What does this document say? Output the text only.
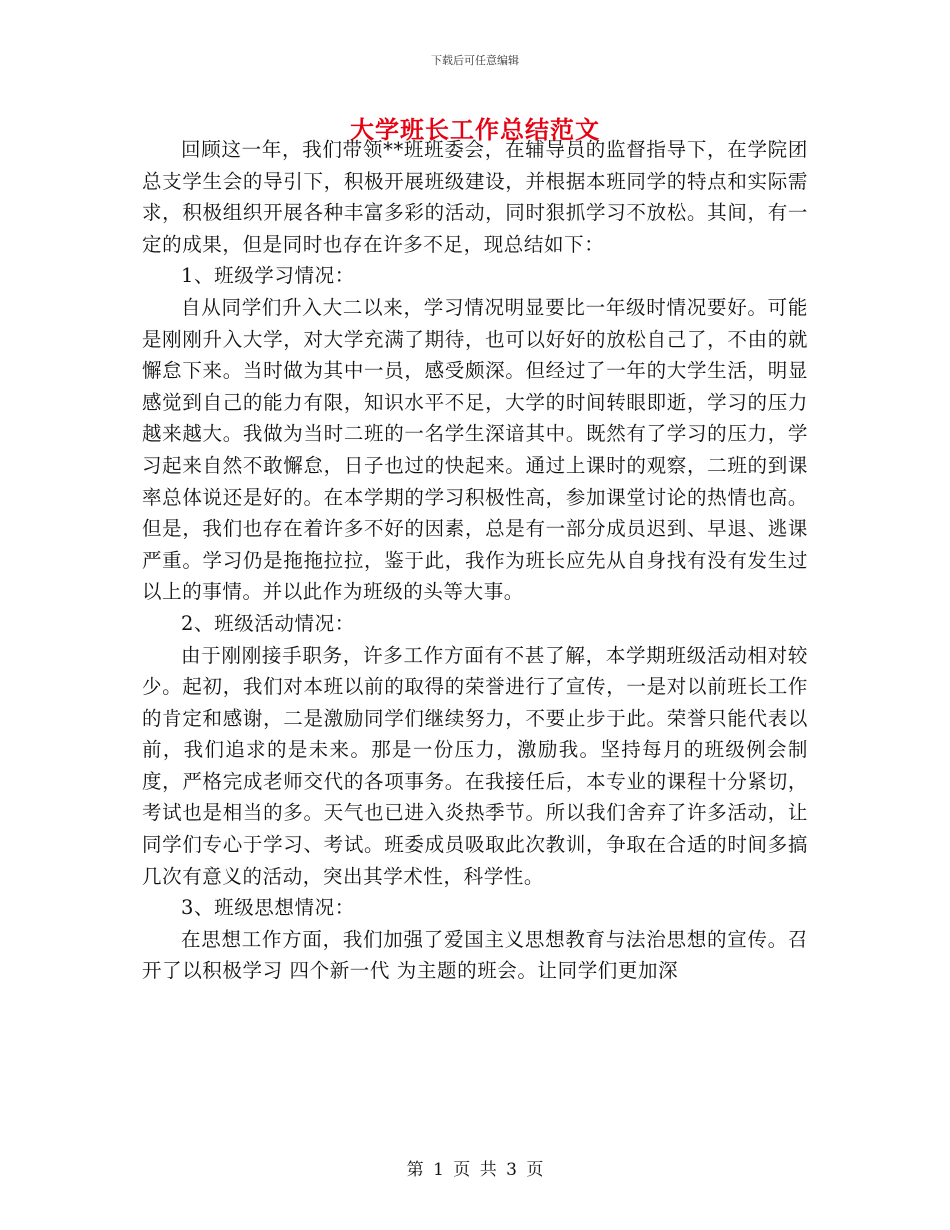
下载后可任意编辑
大学班长工作总结范文

回顾这一年，我们带领**班班委会，在辅导员的监督指导下，在学院团总支学生会的导引下，积极开展班级建设，并根据本班同学的特点和实际需求，积极组织开展各种丰富多彩的活动，同时狠抓学习不放松。其间，有一定的成果，但是同时也存在许多不足，现总结如下：

1、班级学习情况：

自从同学们升入大二以来，学习情况明显要比一年级时情况要好。可能是刚刚升入大学，对大学充满了期待，也可以好好的放松自己了，不由的就懈怠下来。当时做为其中一员，感受颇深。但经过了一年的大学生活，明显感觉到自己的能力有限，知识水平不足，大学的时间转眼即逝，学习的压力越来越大。我做为当时二班的一名学生深谙其中。既然有了学习的压力，学习起来自然不敢懈怠，日子也过的快起来。通过上课时的观察，二班的到课率总体说还是好的。在本学期的学习积极性高，参加课堂讨论的热情也高。但是，我们也存在着许多不好的因素，总是有一部分成员迟到、早退、逃课严重。学习仍是拖拖拉拉，鉴于此，我作为班长应先从自身找有没有发生过以上的事情。并以此作为班级的头等大事。

2、班级活动情况：

由于刚刚接手职务，许多工作方面有不甚了解，本学期班级活动相对较少。起初，我们对本班以前的取得的荣誉进行了宣传，一是对以前班长工作的肯定和感谢，二是激励同学们继续努力，不要止步于此。荣誉只能代表以前，我们追求的是未来。那是一份压力，激励我。坚持每月的班级例会制度，严格完成老师交代的各项事务。在我接任后，本专业的课程十分紧切，考试也是相当的多。天气也已进入炎热季节。所以我们舍弃了许多活动，让同学们专心于学习、考试。班委成员吸取此次教训，争取在合适的时间多搞几次有意义的活动，突出其学术性，科学性。

3、班级思想情况：

在思想工作方面，我们加强了爱国主义思想教育与法治思想的宣传。召开了以积极学习 四个新一代 为主题的班会。让同学们更加深

第 1 页 共 3 页
